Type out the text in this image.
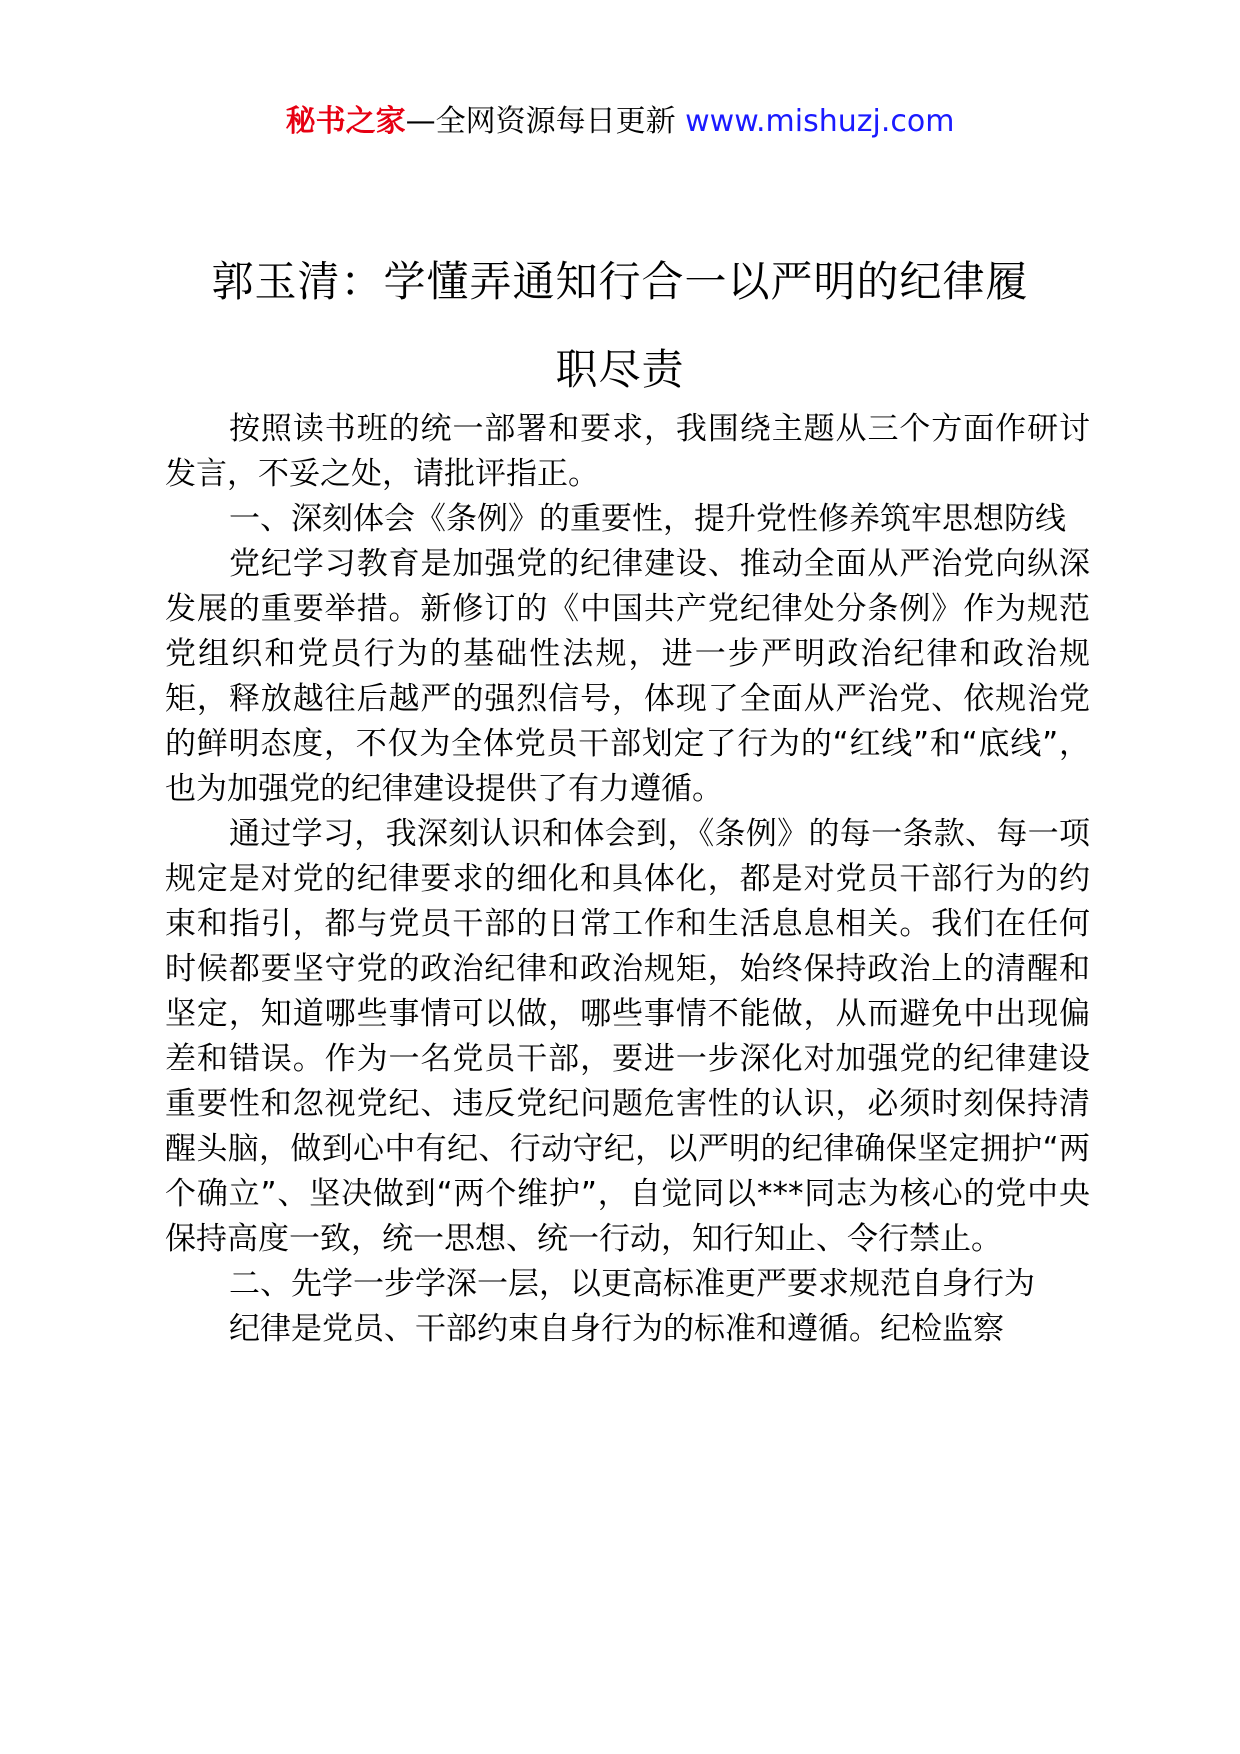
秘书之家—全网资源每日更新 www.mishuzj.com
郭玉清：学懂弄通知行合一以严明的纪律履
职尽责

按照读书班的统一部署和要求，我围绕主题从三个方面作研讨发言，不妥之处，请批评指正。

一、深刻体会《条例》的重要性，提升党性修养筑牢思想防线

党纪学习教育是加强党的纪律建设、推动全面从严治党向纵深发展的重要举措。新修订的《中国共产党纪律处分条例》作为规范党组织和党员行为的基础性法规，进一步严明政治纪律和政治规矩，释放越往后越严的强烈信号，体现了全面从严治党、依规治党的鲜明态度，不仅为全体党员干部划定了行为的“红线”和“底线”，也为加强党的纪律建设提供了有力遵循。

通过学习，我深刻认识和体会到，《条例》的每一条款、每一项规定是对党的纪律要求的细化和具体化，都是对党员干部行为的约束和指引，都与党员干部的日常工作和生活息息相关。我们在任何时候都要坚守党的政治纪律和政治规矩，始终保持政治上的清醒和坚定，知道哪些事情可以做，哪些事情不能做，从而避免中出现偏差和错误。作为一名党员干部，要进一步深化对加强党的纪律建设重要性和忽视党纪、违反党纪问题危害性的认识，必须时刻保持清醒头脑，做到心中有纪、行动守纪，以严明的纪律确保坚定拥护“两个确立”、坚决做到“两个维护”，自觉同以***同志为核心的党中央保持高度一致，统一思想、统一行动，知行知止、令行禁止。

二、先学一步学深一层，以更高标准更严要求规范自身行为

纪律是党员、干部约束自身行为的标准和遵循。纪检监察
